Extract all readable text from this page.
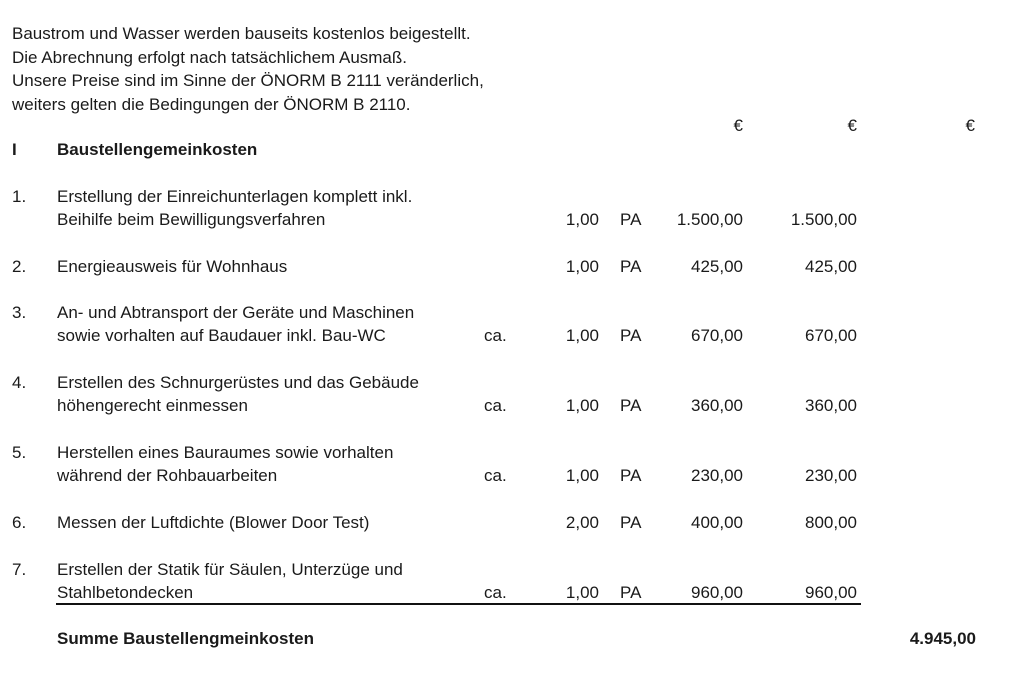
Baustrom und Wasser werden bauseits kostenlos beigestellt.
Die Abrechnung erfolgt nach tatsächlichem Ausmaß.
Unsere Preise sind im Sinne der ÖNORM B 2111 veränderlich,
weiters gelten die Bedingungen der ÖNORM B 2110.
€	€	€
I	Baustellengemeinkosten
1.	Erstellung der Einreichunterlagen komplett inkl.
Beihilfe beim Bewilligungsverfahren	1,00 PA	1.500,00	1.500,00
2.	Energieausweis für Wohnhaus	1,00 PA	425,00	425,00
3.	An- und Abtransport der Geräte und Maschinen
sowie vorhalten auf Baudauer inkl. Bau-WC	ca.	1,00 PA	670,00	670,00
4.	Erstellen des Schnurgerüstes und das Gebäude
höhengerecht einmessen	ca.	1,00 PA	360,00	360,00
5.	Herstellen eines Bauraumes sowie vorhalten
während der Rohbauarbeiten	ca.	1,00 PA	230,00	230,00
6.	Messen der Luftdichte (Blower Door Test)	2,00 PA	400,00	800,00
7.	Erstellen der Statik für Säulen, Unterzüge und
Stahlbetondecken	ca.	1,00 PA	960,00	960,00
Summe Baustellengmeinkosten	4.945,00
